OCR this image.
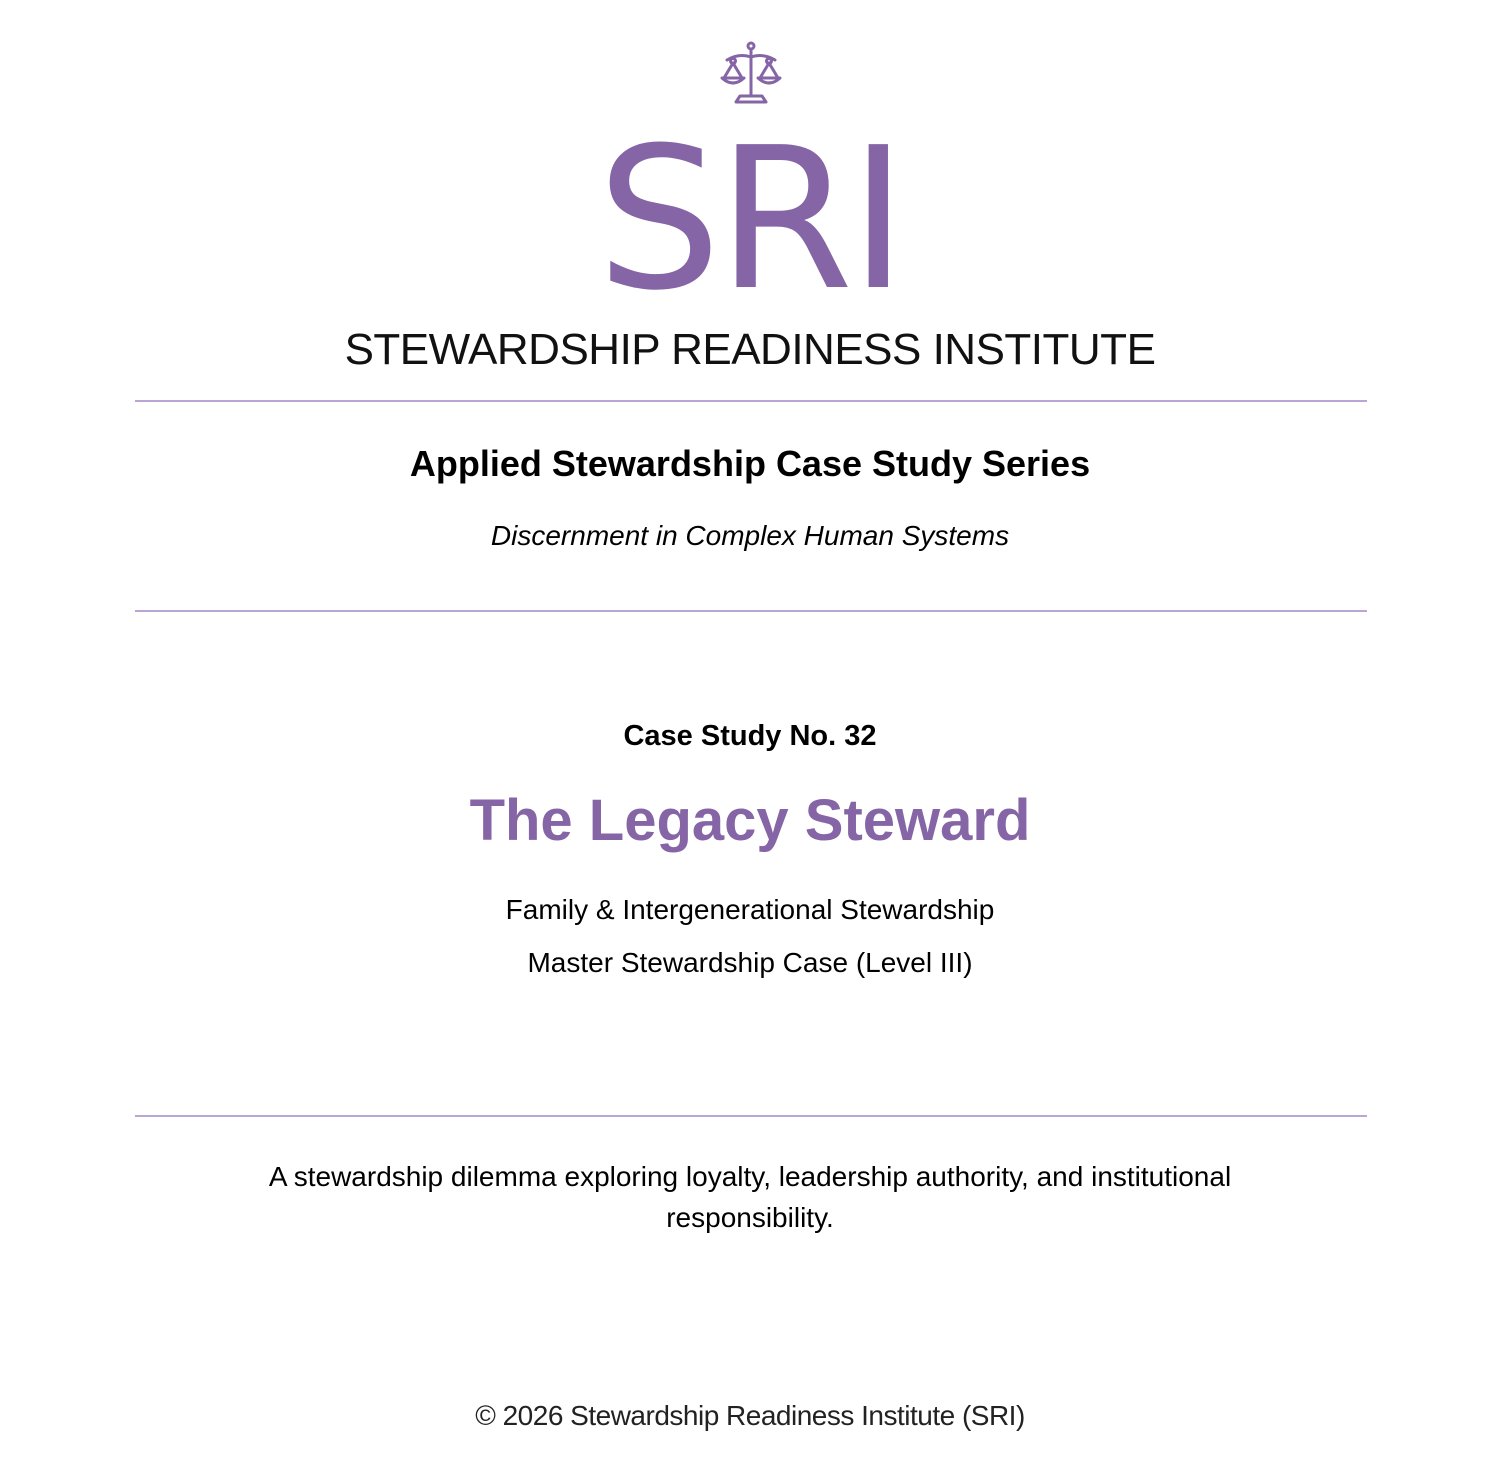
SRI
STEWARDSHIP READINESS INSTITUTE
Applied Stewardship Case Study Series
Discernment in Complex Human Systems
Case Study No. 32
The Legacy Steward
Family & Intergenerational Stewardship
Master Stewardship Case (Level III)
A stewardship dilemma exploring loyalty, leadership authority, and institutional responsibility.
© 2026 Stewardship Readiness Institute (SRI)
